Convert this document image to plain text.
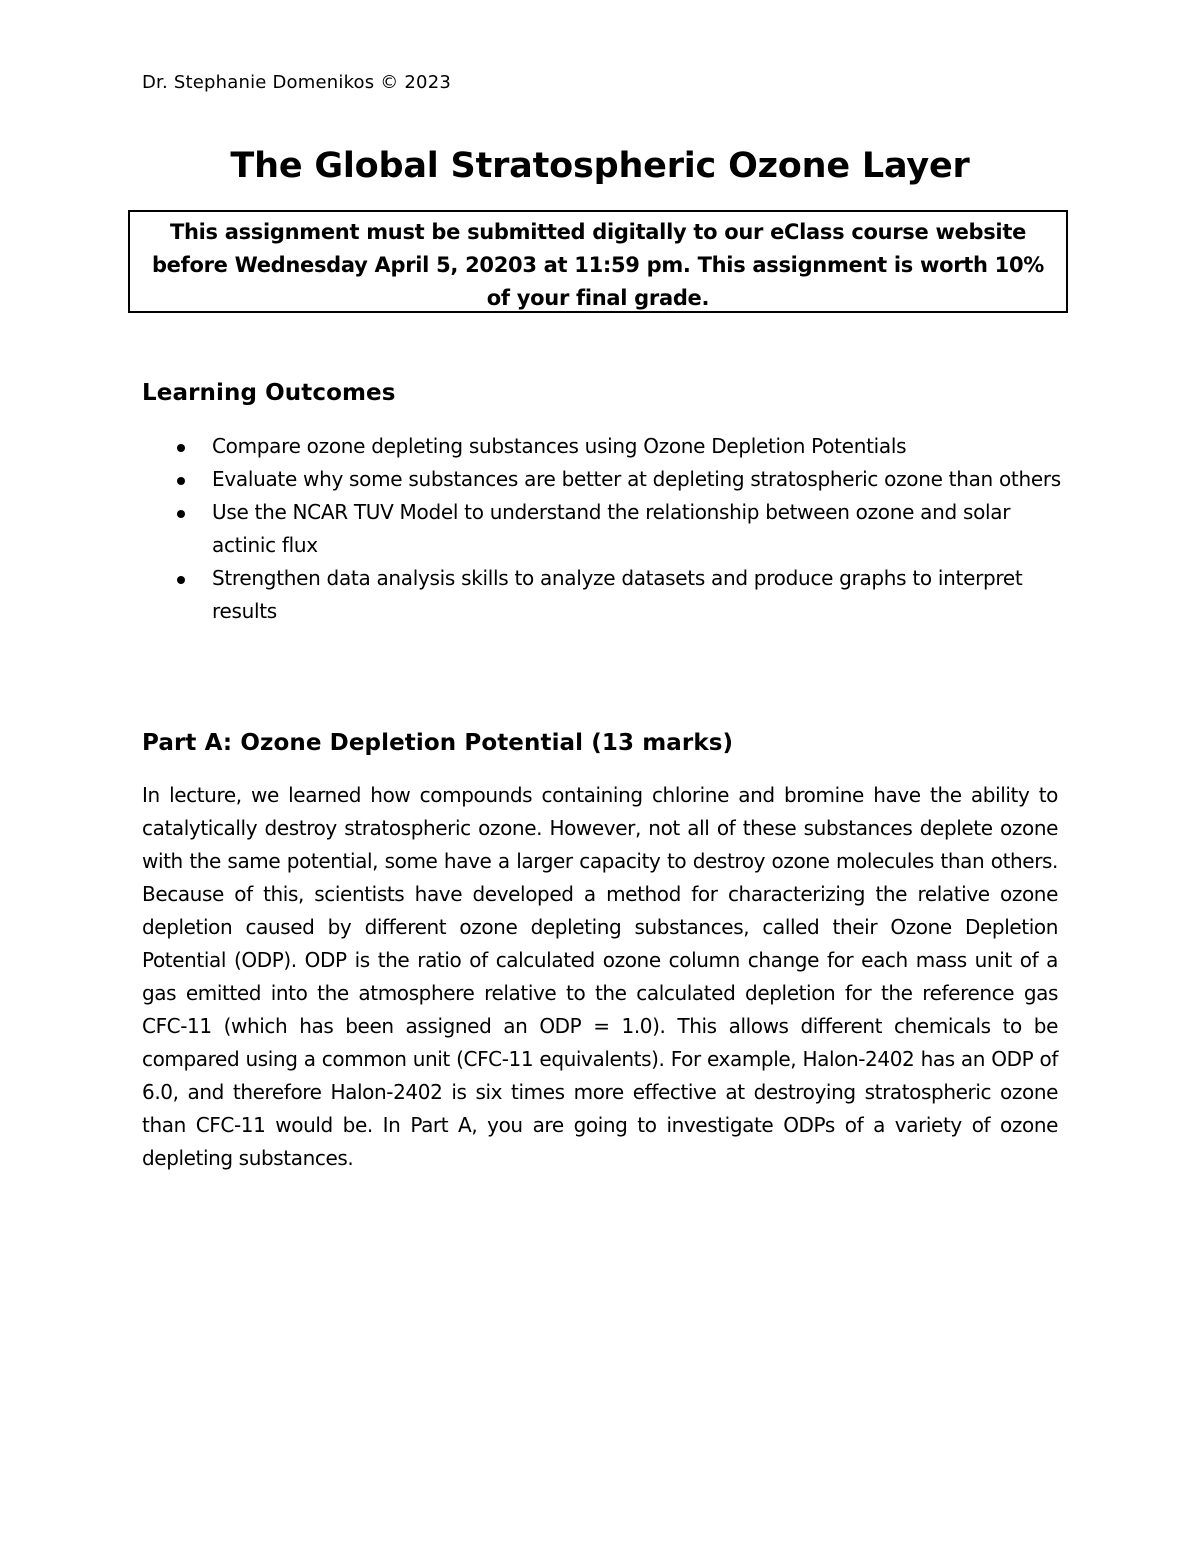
Dr. Stephanie Domenikos © 2023
The Global Stratospheric Ozone Layer
This assignment must be submitted digitally to our eClass course website before Wednesday April 5, 20203 at 11:59 pm. This assignment is worth 10% of your final grade.
Learning Outcomes
Compare ozone depleting substances using Ozone Depletion Potentials
Evaluate why some substances are better at depleting stratospheric ozone than others
Use the NCAR TUV Model to understand the relationship between ozone and solar actinic flux
Strengthen data analysis skills to analyze datasets and produce graphs to interpret results
Part A: Ozone Depletion Potential (13 marks)

In lecture, we learned how compounds containing chlorine and bromine have the ability to catalytically destroy stratospheric ozone. However, not all of these substances deplete ozone with the same potential, some have a larger capacity to destroy ozone molecules than others. Because of this, scientists have developed a method for characterizing the relative ozone depletion caused by different ozone depleting substances, called their Ozone Depletion Potential (ODP). ODP is the ratio of calculated ozone column change for each mass unit of a gas emitted into the atmosphere relative to the calculated depletion for the reference gas CFC-11 (which has been assigned an ODP = 1.0). This allows different chemicals to be compared using a common unit (CFC-11 equivalents). For example, Halon-2402 has an ODP of 6.0, and therefore Halon-2402 is six times more effective at destroying stratospheric ozone than CFC-11 would be. In Part A, you are going to investigate ODPs of a variety of ozone depleting substances.
